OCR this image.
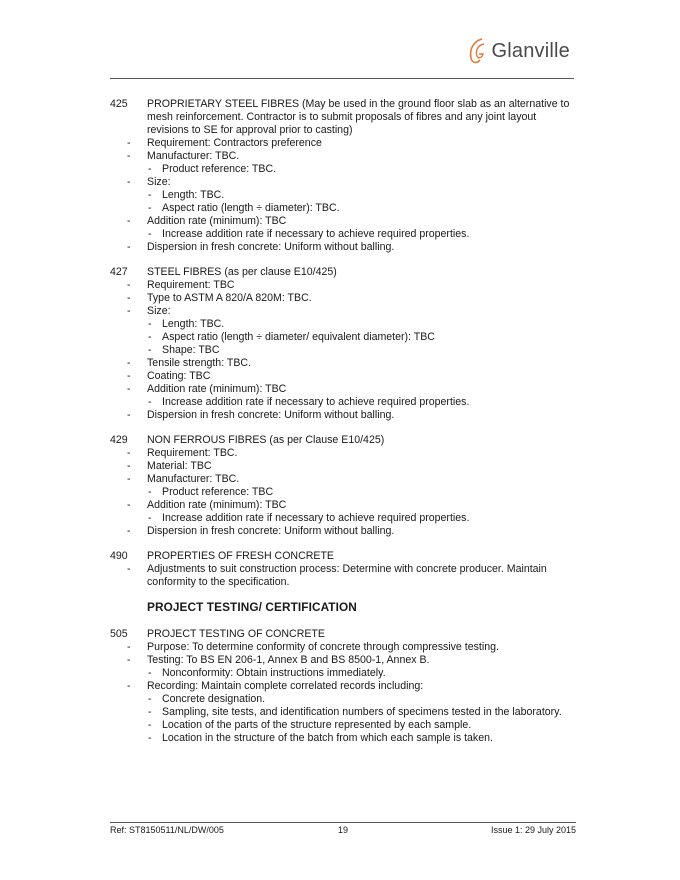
Glanville
425	PROPRIETARY STEEL FIBRES (May be used in the ground floor slab as an alternative to mesh reinforcement. Contractor is to submit proposals of fibres and any joint layout revisions to SE for approval prior to casting)
-	Requirement: Contractors preference
-	Manufacturer: TBC.
- Product reference: TBC.
-	Size:
- Length: TBC.
- Aspect ratio (length ÷ diameter): TBC.
-	Addition rate (minimum): TBC
- Increase addition rate if necessary to achieve required properties.
-	Dispersion in fresh concrete: Uniform without balling.
427	STEEL FIBRES (as per clause E10/425)
-	Requirement: TBC
-	Type to ASTM A 820/A 820M: TBC.
-	Size:
- Length: TBC.
- Aspect ratio (length ÷ diameter/ equivalent diameter): TBC
- Shape: TBC
-	Tensile strength: TBC.
-	Coating: TBC
-	Addition rate (minimum): TBC
- Increase addition rate if necessary to achieve required properties.
-	Dispersion in fresh concrete: Uniform without balling.
429	NON FERROUS FIBRES (as per Clause E10/425)
-	Requirement: TBC.
-	Material: TBC
-	Manufacturer: TBC.
- Product reference: TBC
-	Addition rate (minimum): TBC
- Increase addition rate if necessary to achieve required properties.
-	Dispersion in fresh concrete: Uniform without balling.
490	PROPERTIES OF FRESH CONCRETE
-	Adjustments to suit construction process: Determine with concrete producer. Maintain conformity to the specification.
PROJECT TESTING/ CERTIFICATION
505	PROJECT TESTING OF CONCRETE
-	Purpose: To determine conformity of concrete through compressive testing.
-	Testing: To BS EN 206-1, Annex B and BS 8500-1, Annex B.
- Nonconformity: Obtain instructions immediately.
-	Recording: Maintain complete correlated records including:
- Concrete designation.
- Sampling, site tests, and identification numbers of specimens tested in the laboratory.
- Location of the parts of the structure represented by each sample.
- Location in the structure of the batch from which each sample is taken.
Ref: ST8150511/NL/DW/005	19	Issue 1: 29 July 2015
